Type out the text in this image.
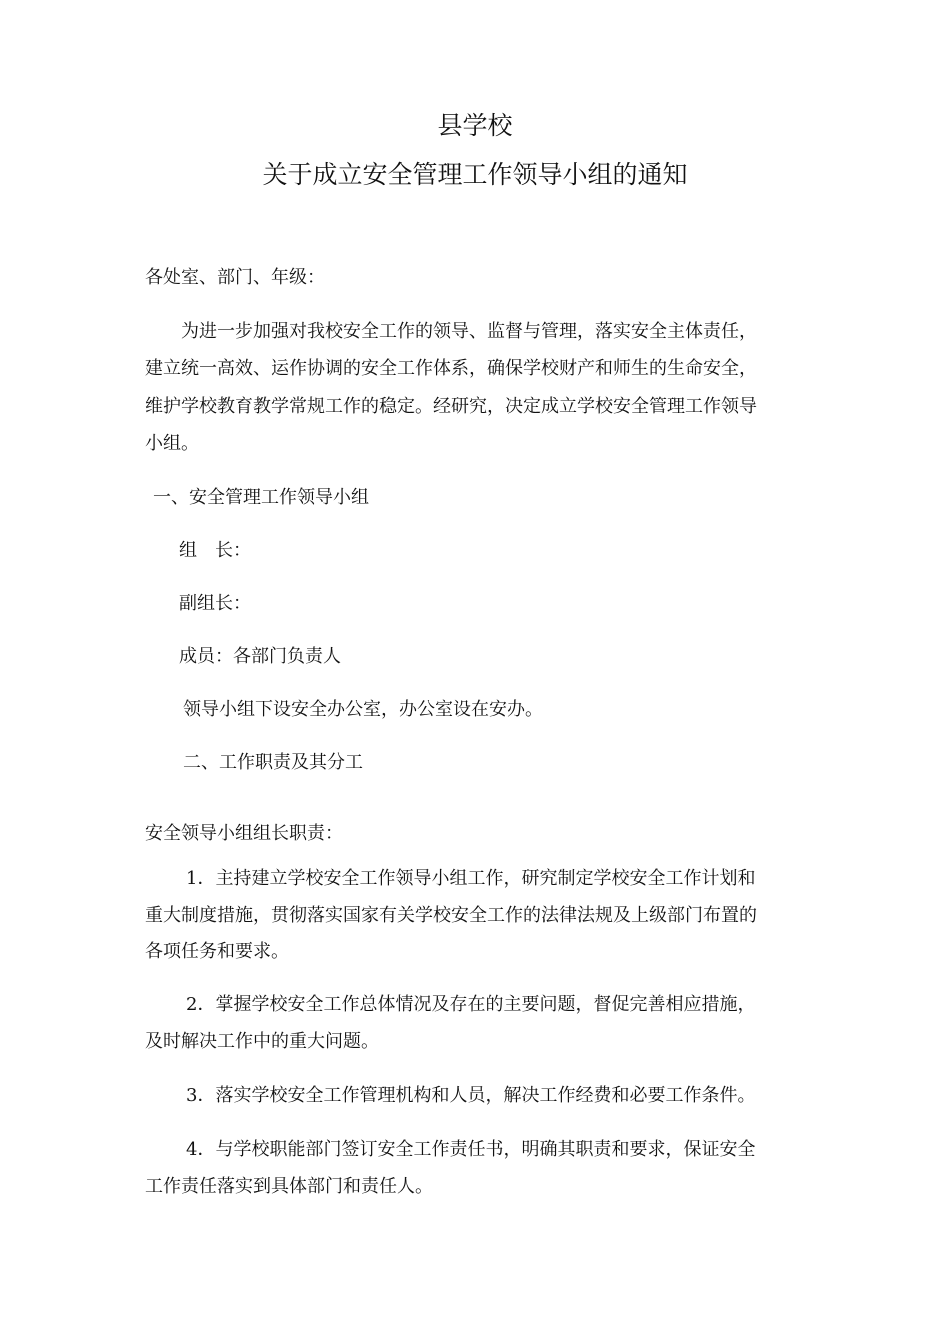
县学校
关于成立安全管理工作领导小组的通知
各处室、部门、年级：
为进一步加强对我校安全工作的领导、监督与管理，落实安全主体责任，
建立统一高效、运作协调的安全工作体系，确保学校财产和师生的生命安全，
维护学校教育教学常规工作的稳定。经研究，决定成立学校安全管理工作领导
小组。
一、安全管理工作领导小组
组　长：
副组长：
成员：各部门负责人
领导小组下设安全办公室，办公室设在安办。
二、工作职责及其分工
安全领导小组组长职责：
1．主持建立学校安全工作领导小组工作，研究制定学校安全工作计划和
重大制度措施，贯彻落实国家有关学校安全工作的法律法规及上级部门布置的
各项任务和要求。
2．掌握学校安全工作总体情况及存在的主要问题，督促完善相应措施，
及时解决工作中的重大问题。
3．落实学校安全工作管理机构和人员，解决工作经费和必要工作条件。
4．与学校职能部门签订安全工作责任书，明确其职责和要求，保证安全
工作责任落实到具体部门和责任人。
